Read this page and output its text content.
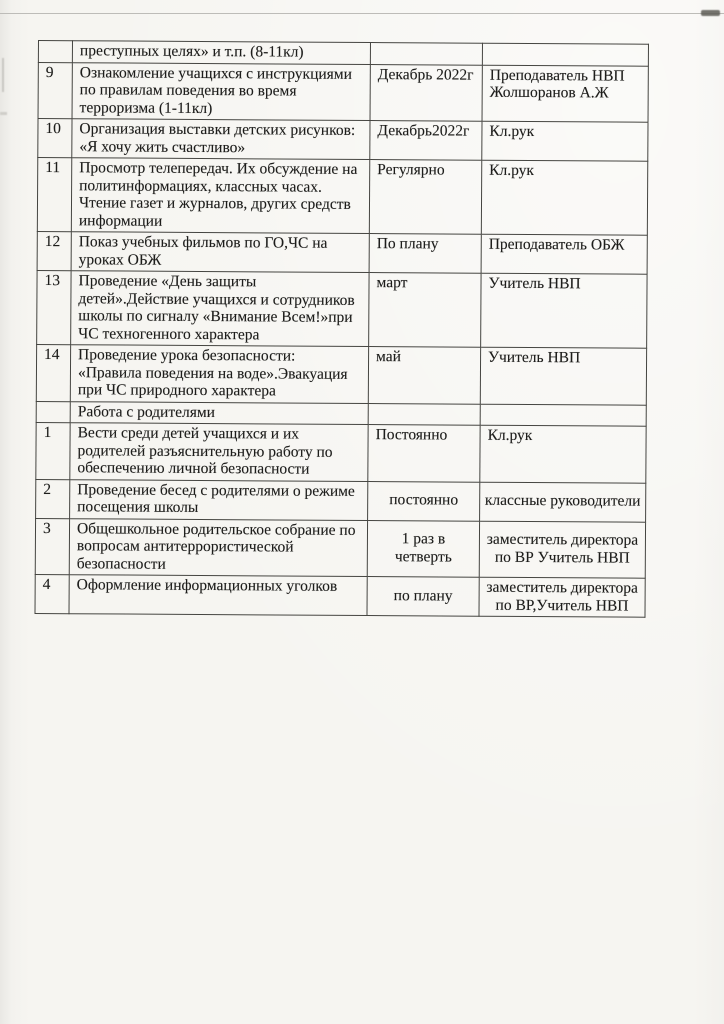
	преступных целях» и т.п. (8-11кл)		
9	Ознакомление учащихся с инструкциями по правилам поведения во время терроризма (1-11кл)	Декабрь 2022г	Преподаватель НВП Жолшоранов А.Ж
10	Организация выставки детских рисунков: «Я хочу жить счастливо»	Декабрь2022г	Кл.рук
11	Просмотр телепередач. Их обсуждение на политинформациях, классных часах. Чтение газет и журналов, других средств информации	Регулярно	Кл.рук
12	Показ учебных фильмов по ГО,ЧС на уроках ОБЖ	По плану	Преподаватель ОБЖ
13	Проведение «День защиты детей».Действие учащихся и сотрудников школы по сигналу «Внимание Всем!»при ЧС техногенного характера	март	Учитель НВП
14	Проведение урока безопасности: «Правила поведения на воде».Эвакуация при ЧС природного характера	май	Учитель НВП
	Работа с родителями		
1	Вести среди детей учащихся и их родителей разъяснительную работу по обеспечению личной безопасности	Постоянно	Кл.рук
2	Проведение бесед с родителями о режиме посещения школы	постоянно	классные руководители
3	Общешкольное родительское собрание по вопросам антитеррористической безопасности	1 раз в четверть	заместитель директора по ВР Учитель НВП
4	Оформление информационных уголков	по плану	заместитель директора по ВР,Учитель НВП
